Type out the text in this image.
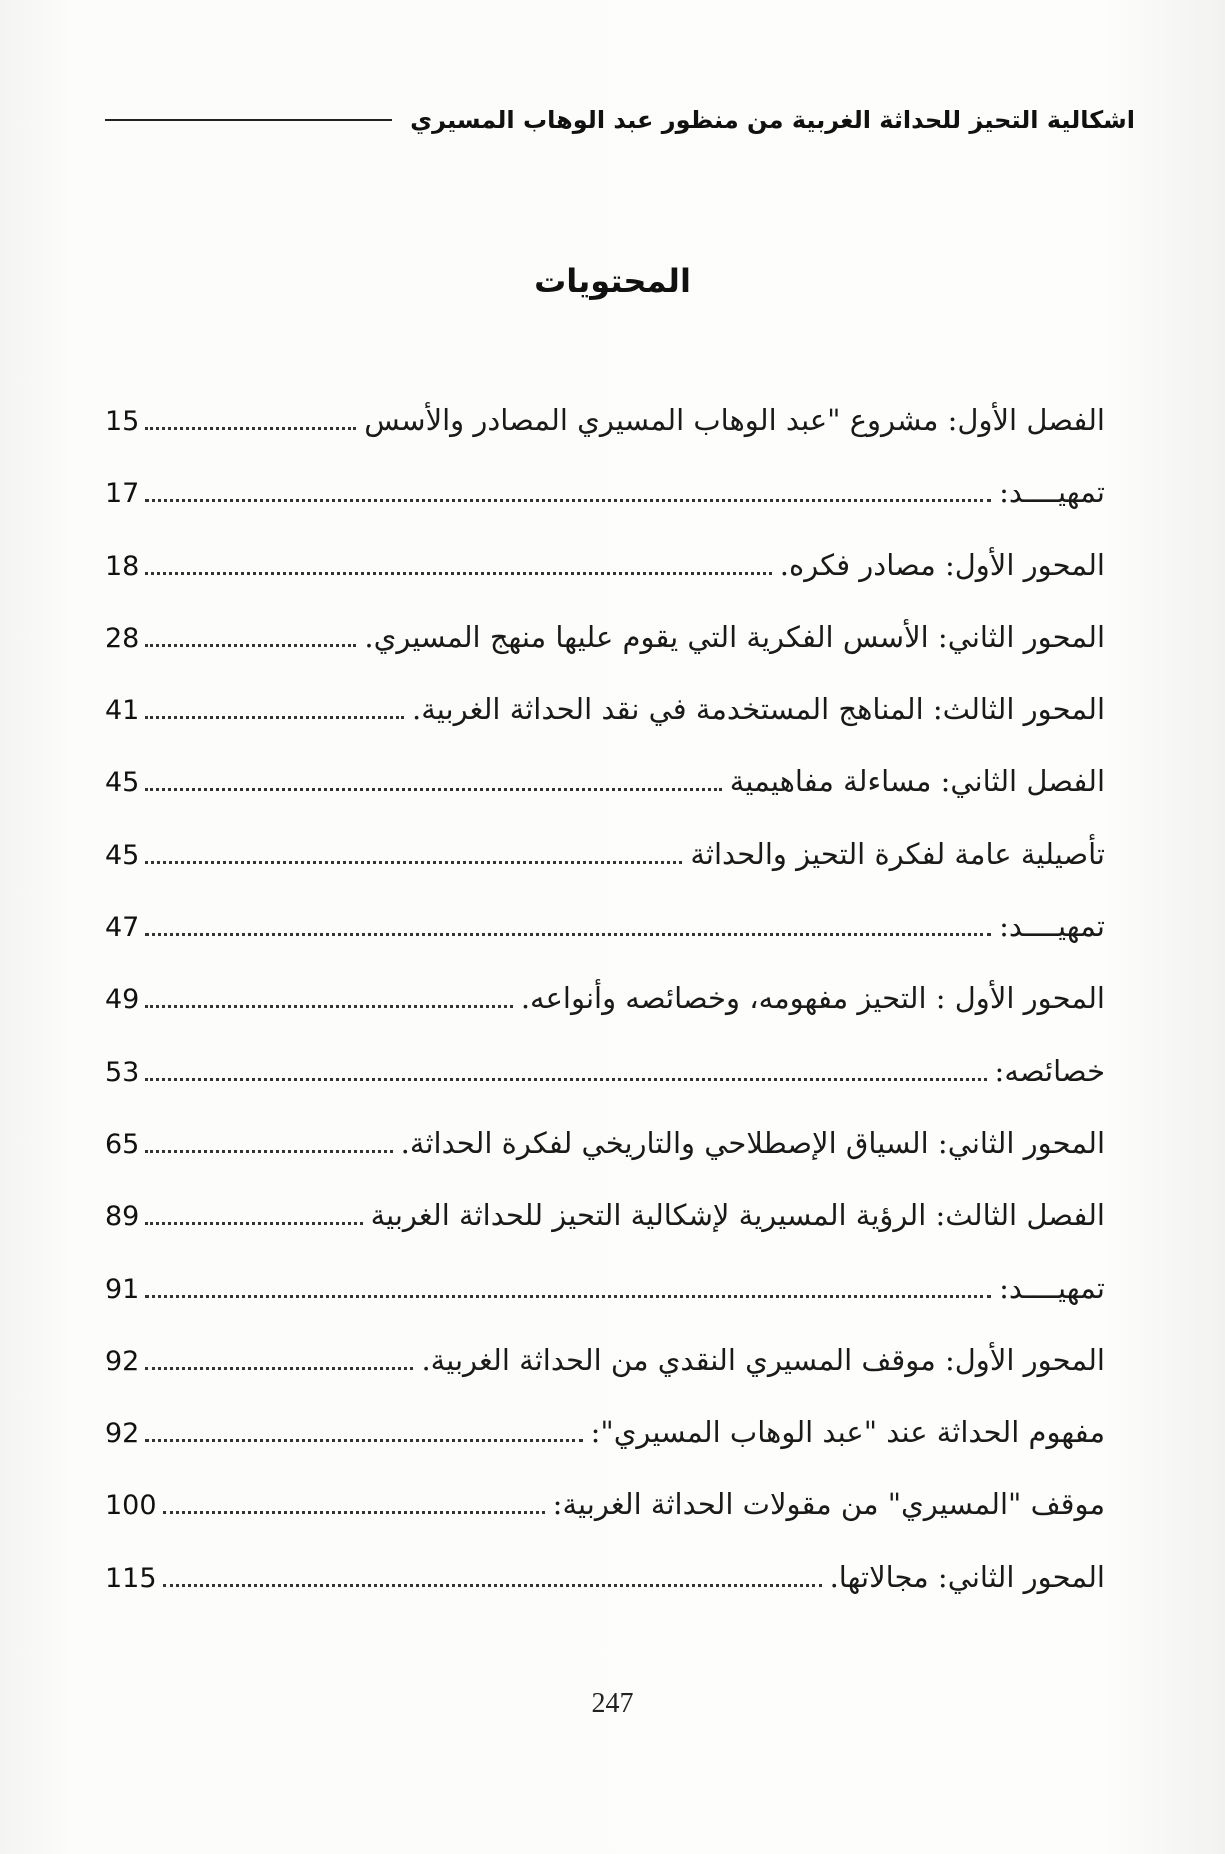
اشكالية التحيز للحداثة الغربية من منظور عبد الوهاب المسيري
المحتويات
الفصل الأول: مشروع "عبد الوهاب المسيري المصادر والأسس
15
تمهيــــد:
17
المحور الأول: مصادر فكره.
18
المحور الثاني: الأسس الفكرية التي يقوم عليها منهج المسيري.
28
المحور الثالث: المناهج المستخدمة في نقد الحداثة الغربية.
41
الفصل الثاني: مساءلة مفاهيمية
45
تأصيلية عامة لفكرة التحيز والحداثة
45
تمهيــــد:
47
المحور الأول : التحيز مفهومه، وخصائصه وأنواعه.
49
خصائصه:
53
المحور الثاني: السياق الإصطلاحي والتاريخي لفكرة الحداثة.
65
الفصل الثالث: الرؤية المسيرية لإشكالية التحيز للحداثة الغربية
89
تمهيــــد:
91
المحور الأول: موقف المسيري النقدي من الحداثة الغربية.
92
مفهوم الحداثة عند "عبد الوهاب المسيري":
92
موقف "المسيري" من مقولات الحداثة الغربية:
100
المحور الثاني: مجالاتها.
115
247
